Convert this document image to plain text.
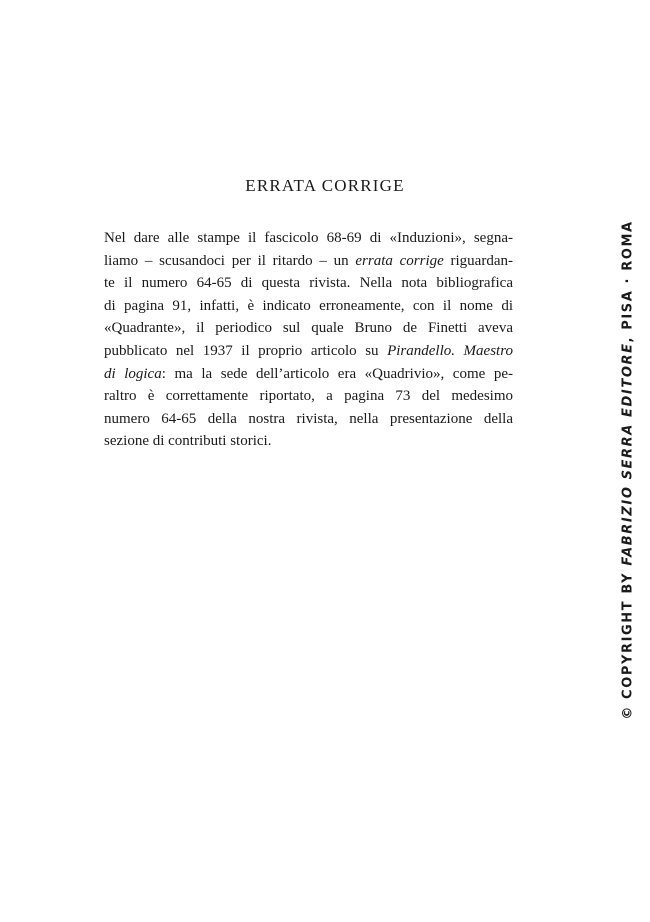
ERRATA CORRIGE
Nel dare alle stampe il fascicolo 68-69 di «Induzioni», segna-
liamo – scusandoci per il ritardo – un errata corrige riguardan-
te il numero 64-65 di questa rivista. Nella nota bibliografica
di pagina 91, infatti, è indicato erroneamente, con il nome di
«Quadrante», il periodico sul quale Bruno de Finetti aveva
pubblicato nel 1937 il proprio articolo su Pirandello. Maestro
di logica: ma la sede dell’articolo era «Quadrivio», come pe-
raltro è correttamente riportato, a pagina 73 del medesimo
numero 64-65 della nostra rivista, nella presentazione della
sezione di contributi storici.
© COPYRIGHT BY FABRIZIO SERRA EDITORE, PISA · ROMA
